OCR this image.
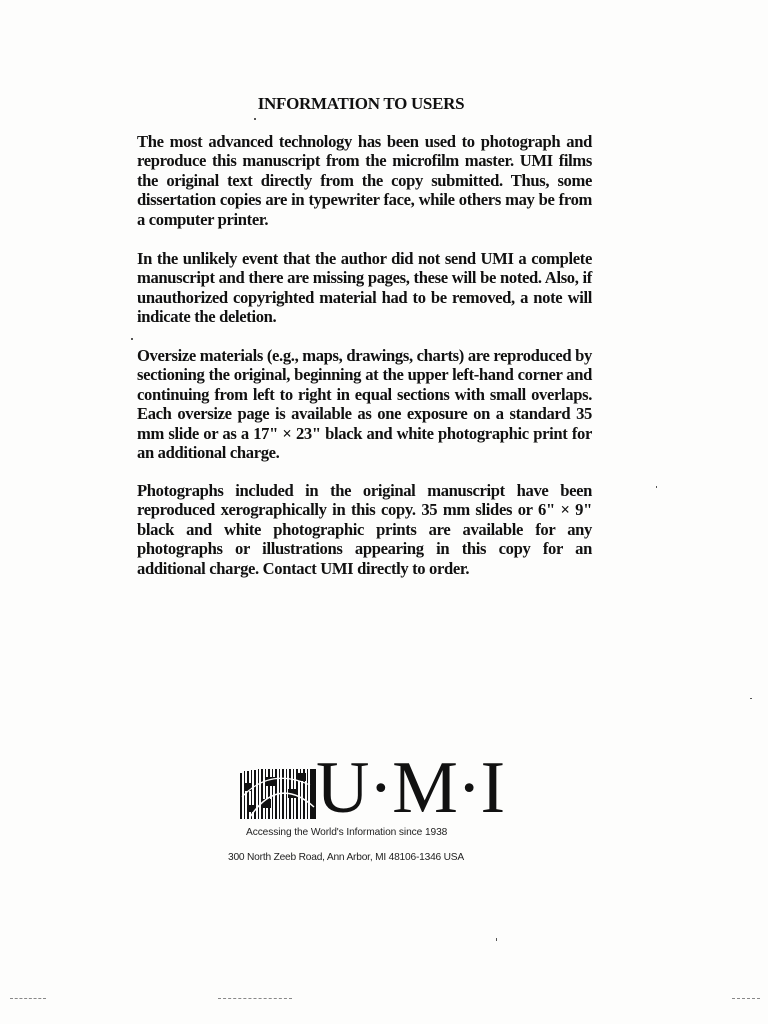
INFORMATION TO USERS

The most advanced technology has been used to photograph and reproduce this manuscript from the microfilm master. UMI films the original text directly from the copy submitted. Thus, some dissertation copies are in typewriter face, while others may be from a computer printer.

In the unlikely event that the author did not send UMI a complete manuscript and there are missing pages, these will be noted. Also, if unauthorized copyrighted material had to be removed, a note will indicate the deletion.

Oversize materials (e.g., maps, drawings, charts) are reproduced by sectioning the original, beginning at the upper left-hand corner and continuing from left to right in equal sections with small overlaps. Each oversize page is available as one exposure on a standard 35 mm slide or as a 17" × 23" black and white photographic print for an additional charge.

Photographs included in the original manuscript have been reproduced xerographically in this copy. 35 mm slides or 6" × 9" black and white photographic prints are available for any photographs or illustrations appearing in this copy for an additional charge. Contact UMI directly to order.

U·M·I
Accessing the World's Information since 1938
300 North Zeeb Road, Ann Arbor, MI 48106-1346 USA
